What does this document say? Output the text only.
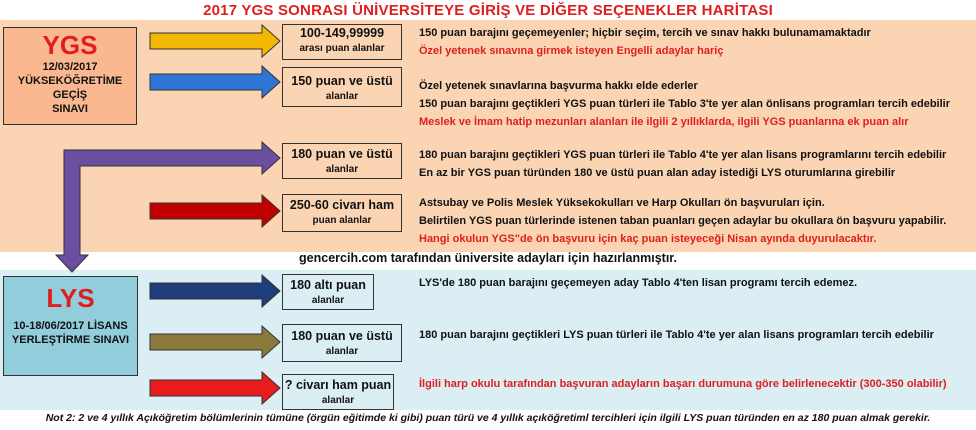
2017 YGS SONRASI ÜNİVERSİTEYE GİRİŞ VE DİĞER SEÇENEKLER HARİTASI
YGS
12/03/2017
YÜKSEKÖĞRETİME GEÇİŞ
SINAVI
LYS
10-18/06/2017 LİSANS
YERLEŞTİRME SINAVI
100-149,99999
arası puan alanlar
150 puan ve üstü
alanlar
180 puan ve üstü
alanlar
250-60 civarı ham
puan alanlar
180 altı puan
alanlar
180 puan ve üstü
alanlar
? civarı ham puan
alanlar
150 puan barajını geçemeyenler; hiçbir seçim, tercih ve sınav hakkı bulunamamaktadır
Özel yetenek sınavına girmek isteyen Engelli adaylar hariç
Özel yetenek sınavlarına başvurma hakkı elde ederler
150 puan barajını geçtikleri YGS puan türleri ile Tablo 3'te yer alan önlisans programları tercih edebilir
Meslek ve İmam hatip mezunları alanları ile ilgili 2 yıllıklarda, ilgili YGS puanlarına ek puan alır
180 puan barajını geçtikleri YGS puan türleri ile Tablo 4'te yer alan lisans programlarını tercih edebilir
En az bir YGS puan türünden 180 ve üstü puan alan aday istediği LYS oturumlarına girebilir
Astsubay ve Polis Meslek Yüksekokulları ve Harp Okulları ön başvuruları için.
Belirtilen YGS puan türlerinde istenen taban puanları geçen adaylar bu okullara ön başvuru yapabilir.
Hangi okulun YGS"de ön başvuru için kaç puan isteyeceği Nisan ayında duyurulacaktır.
LYS'de 180 puan barajını geçemeyen aday Tablo 4'ten lisan programı tercih edemez.
180 puan barajını geçtikleri LYS puan türleri ile Tablo 4'te yer alan lisans programları tercih edebilir
İlgili harp okulu tarafından başvuran adayların başarı durumuna göre belirlenecektir (300-350 olabilir)
gencercih.com tarafından üniversite adayları için hazırlanmıştır.
Not 2: 2 ve 4 yıllık Açıköğretim bölümlerinin tümüne (örgün eğitimde ki gibi) puan türü ve 4 yıllık açıköğretiml tercihleri için ilgili LYS puan türünden en az 180 puan almak gerekir.
